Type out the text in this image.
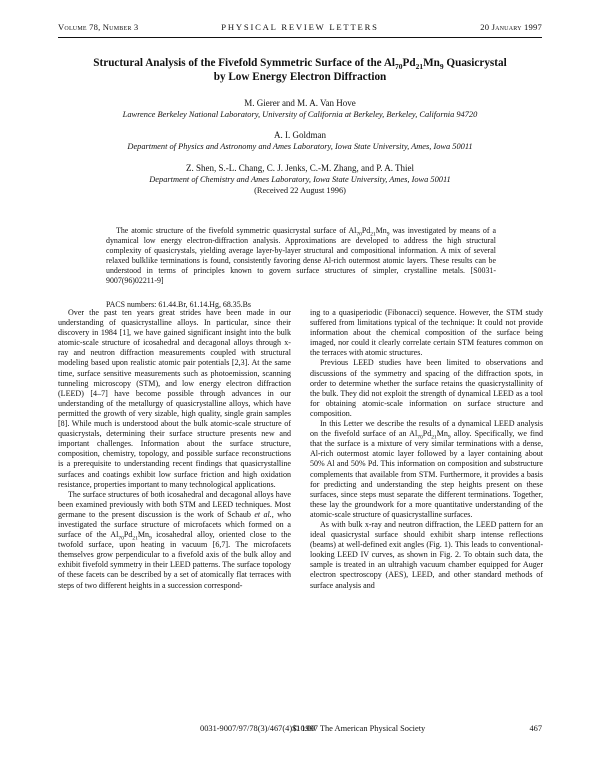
Volume 78, Number 3	PHYSICAL REVIEW LETTERS	20 January 1997
Structural Analysis of the Fivefold Symmetric Surface of the $Al_{70}Pd_{21}Mn_9$ Quasicrystal
by Low Energy Electron Diffraction
M. Gierer and M. A. Van Hove
Lawrence Berkeley National Laboratory, University of California at Berkeley, Berkeley, California 94720
A. I. Goldman
Department of Physics and Astronomy and Ames Laboratory, Iowa State University, Ames, Iowa 50011
Z. Shen, S.-L. Chang, C. J. Jenks, C.-M. Zhang, and P. A. Thiel
Department of Chemistry and Ames Laboratory, Iowa State University, Ames, Iowa 50011
(Received 22 August 1996)

The atomic structure of the fivefold symmetric quasicrystal surface of $Al_{70}Pd_{21}Mn_9$ was investigated by means of a dynamical low energy electron-diffraction analysis. Approximations are developed to address the high structural complexity of quasicrystals, yielding average layer-by-layer structural and compositional information. A mix of several relaxed bulklike terminations is found, consistently favoring dense Al-rich outermost atomic layers. These results can be understood in terms of principles known to govern surface structures of simpler, crystalline metals. [S0031-9007(96)02211-9]

PACS numbers: 61.44.Br, 61.14.Hg, 68.35.Bs

Over the past ten years great strides have been made in our understanding of quasicrystalline alloys. In particular, since their discovery in 1984 [1], we have gained significant insight into the bulk atomic-scale structure of icosahedral and decagonal alloys through x-ray and neutron diffraction measurements coupled with structural modeling based upon realistic atomic pair potentials [2,3]. At the same time, surface sensitive measurements such as photoemission, scanning tunneling microscopy (STM), and low energy electron diffraction (LEED) [4–7] have become possible through advances in our understanding of the metallurgy of quasicrystalline alloys, which have permitted the growth of very sizable, high quality, single grain samples [8]. While much is understood about the bulk atomic-scale structure of quasicrystals, determining their surface structure presents new and important challenges. Information about the surface structure, composition, chemistry, topology, and possible surface reconstructions is a prerequisite to understanding recent findings that quasicrystalline surfaces and coatings exhibit low surface friction and high oxidation resistance, properties important to many technological applications.

The surface structures of both icosahedral and decagonal alloys have been examined previously with both STM and LEED techniques. Most germane to the present discussion is the work of Schaub et al., who investigated the surface structure of microfacets which formed on a surface of the $Al_{70}Pd_{21}Mn_9$ icosahedral alloy, oriented close to the twofold surface, upon heating in vacuum [6,7]. The microfacets themselves grow perpendicular to a fivefold axis of the bulk alloy and exhibit fivefold symmetry in their LEED patterns. The surface topology of these facets can be described by a set of atomically flat terraces with steps of two different heights in a succession correspond-

ing to a quasiperiodic (Fibonacci) sequence. However, the STM study suffered from limitations typical of the technique: It could not provide information about the chemical composition of the surface being imaged, nor could it clearly correlate certain STM features common on the terraces with atomic structures.

Previous LEED studies have been limited to observations and discussions of the symmetry and spacing of the diffraction spots, in order to determine whether the surface retains the quasicrystallinity of the bulk. They did not exploit the strength of dynamical LEED as a tool for obtaining atomic-scale information on surface structure and composition.

In this Letter we describe the results of a dynamical LEED analysis on the fivefold surface of an $Al_{70}Pd_{21}Mn_9$ alloy. Specifically, we find that the surface is a mixture of very similar terminations with a dense, Al-rich outermost atomic layer followed by a layer containing about 50% Al and 50% Pd. This information on composition and substructure complements that available from STM. Furthermore, it provides a basis for predicting and understanding the step heights present on these surfaces, since steps must separate the different terminations. Together, these lay the groundwork for a more quantitative understanding of the atomic-scale structure of quasicrystalline surfaces.

As with bulk x-ray and neutron diffraction, the LEED pattern for an ideal quasicrystal surface should exhibit sharp intense reflections (beams) at well-defined exit angles (Fig. 1). This leads to conventional-looking LEED IV curves, as shown in Fig. 2. To obtain such data, the sample is treated in an ultrahigh vacuum chamber equipped for Auger electron spectroscopy (AES), LEED, and other standard methods of surface analysis and

0031-9007/97/78(3)/467(4)$10.00
© 1997 The American Physical Society	467
